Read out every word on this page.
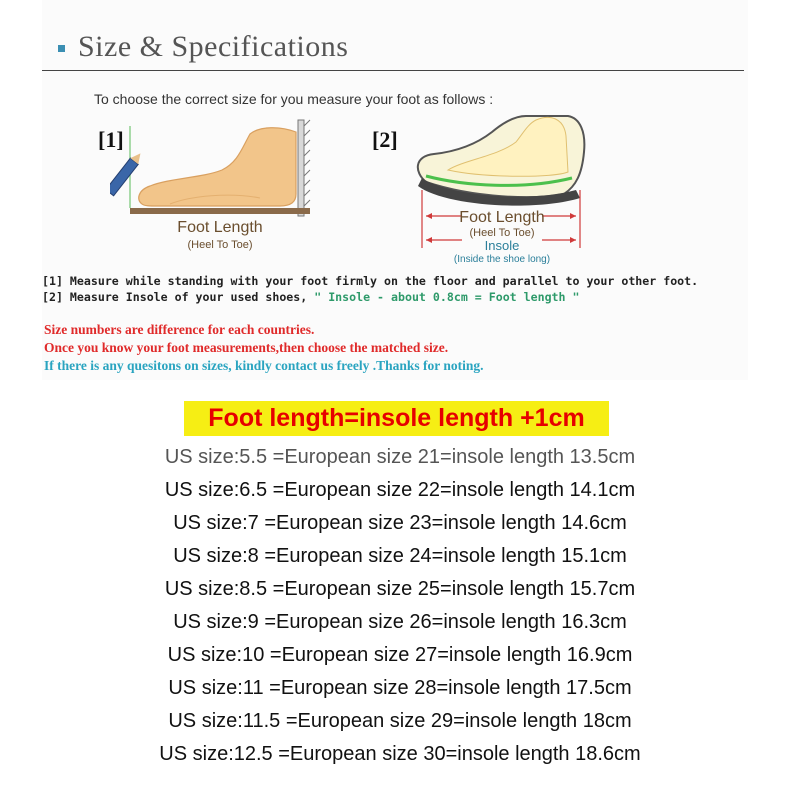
Size & Specifications
To choose the correct size for you measure your foot as follows :
[1]	[2]
Foot Length
(Heel To Toe)
Foot Length
(Heel To Toe)
Insole
(Inside the shoe long)
[1] Measure while standing with your foot firmly on the floor and parallel to your other foot.
[2] Measure Insole of your used shoes, " Insole - about 0.8cm = Foot length "
Size numbers are difference for each countries.
Once you know your foot measurements,then choose the matched size.
If there is any quesitons on sizes, kindly contact us freely .Thanks for noting.
Foot length=insole length +1cm
US size:5.5 =European size 21=insole length 13.5cm
US size:6.5 =European size 22=insole length 14.1cm
US size:7 =European size 23=insole length 14.6cm
US size:8 =European size 24=insole length 15.1cm
US size:8.5 =European size 25=insole length 15.7cm
US size:9 =European size 26=insole length 16.3cm
US size:10 =European size 27=insole length 16.9cm
US size:11 =European size 28=insole length 17.5cm
US size:11.5 =European size 29=insole length 18cm
US size:12.5 =European size 30=insole length 18.6cm
